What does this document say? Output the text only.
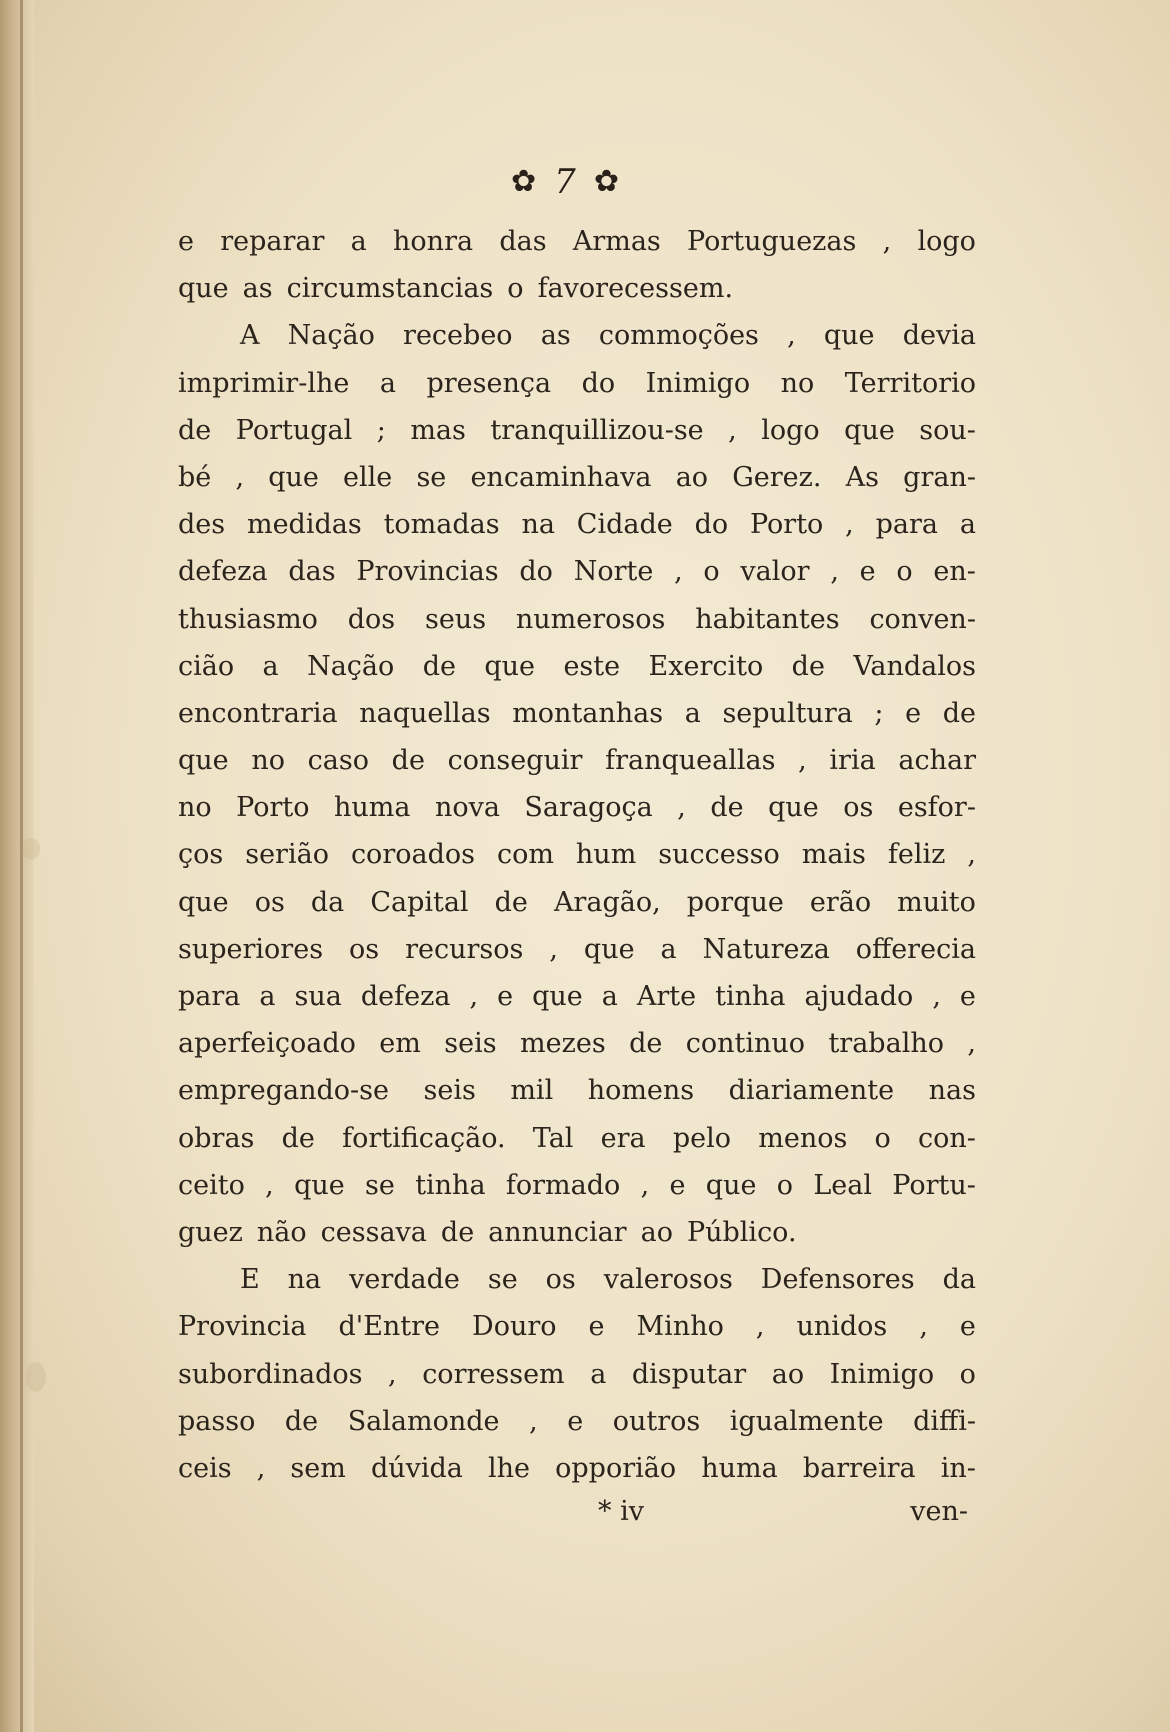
✿ 7 ✿
e reparar a honra das Armas Portuguezas , logo
que as circumstancias o favorecessem.
A Nação recebeo as commoções , que devia
imprimir-lhe a presença do Inimigo no Territorio
de Portugal ; mas tranquillizou-se , logo que sou-
bé , que elle se encaminhava ao Gerez. As gran-
des medidas tomadas na Cidade do Porto , para a
defeza das Provincias do Norte , o valor , e o en-
thusiasmo dos seus numerosos habitantes conven-
cião a Nação de que este Exercito de Vandalos
encontraria naquellas montanhas a sepultura ; e de
que no caso de conseguir franqueallas , iria achar
no Porto huma nova Saragoça , de que os esfor-
ços serião coroados com hum successo mais feliz ,
que os da Capital de Aragão, porque erão muito
superiores os recursos , que a Natureza offerecia
para a sua defeza , e que a Arte tinha ajudado , e
aperfeiçoado em seis mezes de continuo trabalho ,
empregando-se seis mil homens diariamente nas
obras de fortificação. Tal era pelo menos o con-
ceito , que se tinha formado , e que o Leal Portu-
guez não cessava de annunciar ao Público.
E na verdade se os valerosos Defensores da
Provincia d'Entre Douro e Minho , unidos , e
subordinados , corressem a disputar ao Inimigo o
passo de Salamonde , e outros igualmente diffi-
ceis , sem dúvida lhe opporião huma barreira in-
* iv	ven-
